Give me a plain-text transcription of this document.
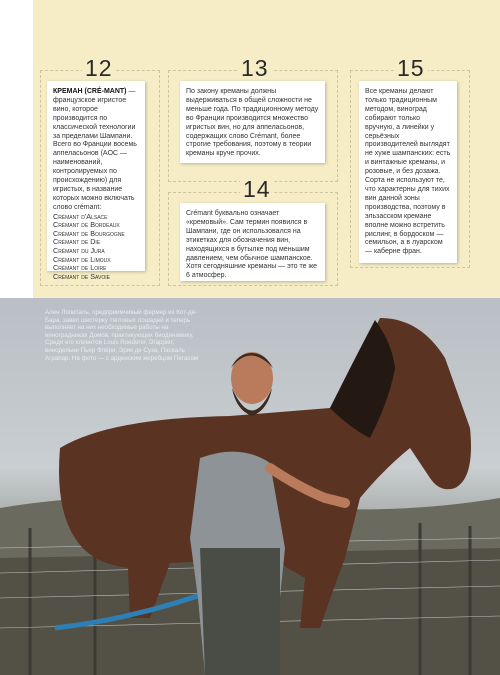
12	13
14
15

КРЕМАН (CRÉ-MANT) — французское игристое вино, которое производится по классической технологии за пределами Шампани. Всего во Франции восемь аппеласьонов (AOC — наименований, контролируемых по происхождению) для игристых, в название которых можно включать слово crémant:

Crémant d'Alsace
Crémant de Bordeaux
Crémant de Bourgogne
Crémant de Die
Crémant du Jura
Crémant de Limoux
Crémant de Loire
Crémant de Savoie

По закону креманы должны выдерживаться в общей сложности не меньше года. По традиционному методу во Франции производится множество игристых вин, но для аппеласьонов, содержащих слово Crémant, более строгие требования, поэтому в теории креманы круче прочих.

Crémant буквально означает «кремовый». Сам термин появился в Шампани, где он использовался на этикетках для обозначения вин, находящихся в бутылке под меньшим давлением, чем обычное шампанское. Хотя сегодняшние креманы — это те же 6 атмосфер.

Все креманы делают только традиционным методом, виноград собирают только вручную, а линейки у серьёзных производителей выглядят не хуже шампанских: есть и винтажные креманы, и розовые, и без дозажа. Сорта не используют те, что характерны для тихих вин данной зоны производства, поэтому в эльзасском кремане вполне можно встретить рислинг, в бордоском — семильон, а в луарском — каберне фран.

Ален Лопиталь, предприимчивый фермер из Кот-де-Бара, завел шестерку тягловых лошадей и теперь выполняет на них необходимые работы на виноградниках Домов, практикующих биодинамику. Среди его клиентов Louis Roederer, Drappier, винодельни Пьер Флёри, Эрик де Суза, Паскаль Аграпар. На фото — с арденским жеребцом Пегасом
